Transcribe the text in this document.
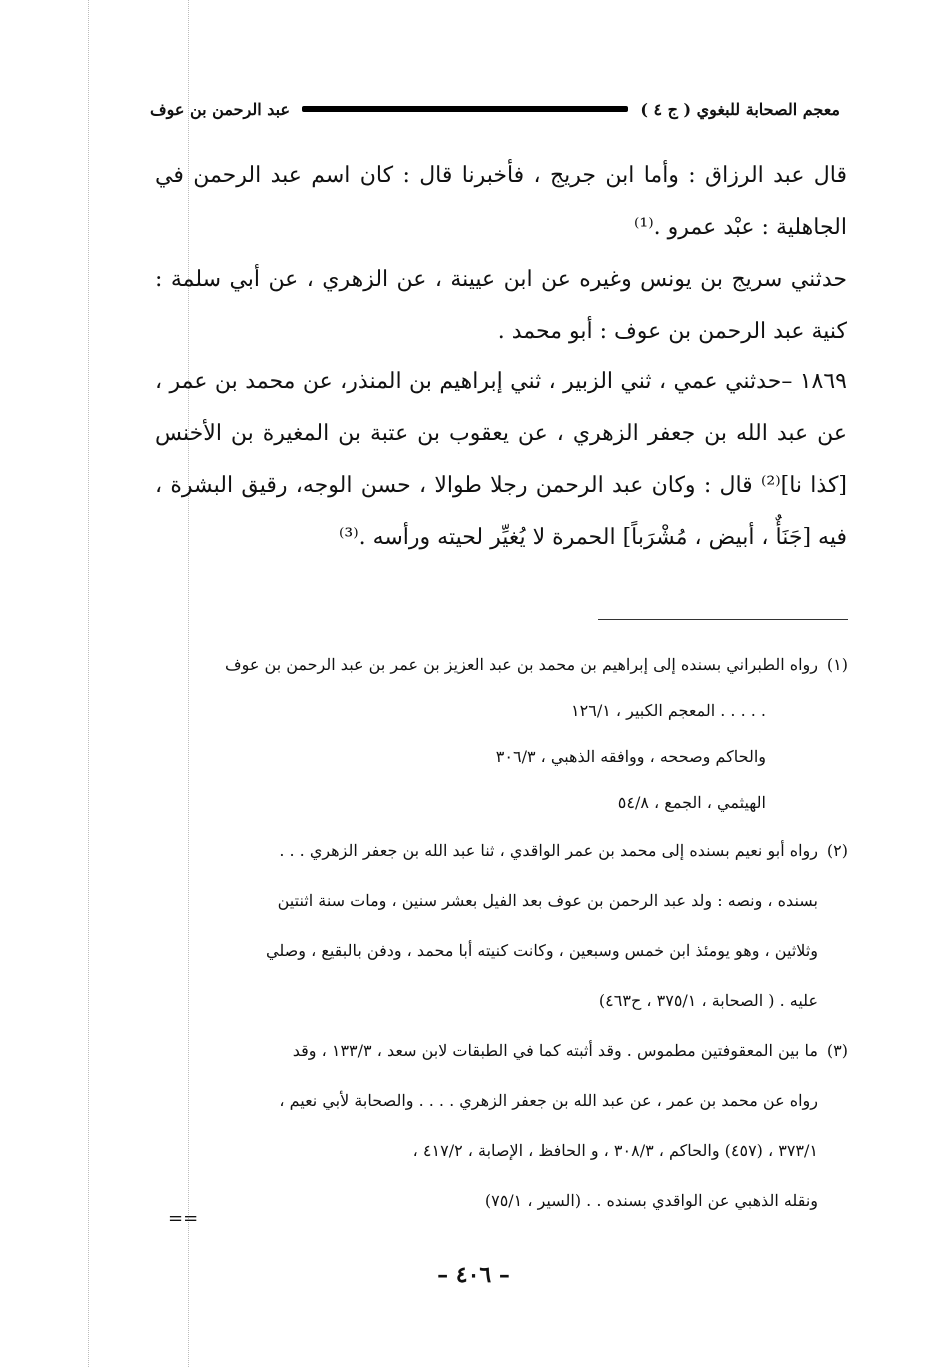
معجم الصحابة للبغوي ( ج ٤ )
عبد الرحمن بن عوف

قال عبد الرزاق : وأما ابن جريج ، فأخبرنا قال : كان اسم عبد الرحمن في الجاهلية : عبْد عمرو .⁽¹⁾

حدثني سريج بن يونس وغيره عن ابن عيينة ، عن الزهري ، عن أبي سلمة : كنية عبد الرحمن بن عوف : أبو محمد .

١٨٦٩ –حدثني عمي ، ثني الزبير ، ثني إبراهيم بن المنذر، عن محمد بن عمر ، عن عبد الله بن جعفر الزهري ، عن يعقوب بن عتبة بن المغيرة بن الأخنس [كذا نا]⁽²⁾ قال : وكان عبد الرحمن رجلا طوالا ، حسن الوجه، رقيق البشرة ، فيه [جَنَأٌ ، أبيض ، مُشْرَباً] الحمرة لا يُغيِّر لحيته ورأسه .⁽³⁾

(١)
رواه الطبراني بسنده إلى إبراهيم بن محمد بن عبد العزيز بن عمر بن عبد الرحمن بن عوف
. . . . . المعجم الكبير ، ١٢٦/١
والحاكم وصححه ، ووافقه الذهبي ، ٣٠٦/٣
الهيثمي ، الجمع ، ٥٤/٨
(٢)
رواه أبو نعيم بسنده إلى محمد بن عمر الواقدي ، ثنا عبد الله بن جعفر الزهري . . .
بسنده ، ونصه : ولد عبد الرحمن بن عوف بعد الفيل بعشر سنين ، ومات سنة اثنتين
وثلاثين ، وهو يومئذ ابن خمس وسبعين ، وكانت كنيته أبا محمد ، ودفن بالبقيع ، وصلي
عليه . ( الصحابة ، ٣٧٥/١ ، ح٤٦٣)
(٣)
ما بين المعقوفتين مطموس . وقد أثبته كما في الطبقات لابن سعد ، ١٣٣/٣ ، وقد
رواه عن محمد بن عمر ، عن عبد الله بن جعفر الزهري . . . . والصحابة لأبي نعيم ،
٣٧٣/١ ، (٤٥٧) والحاكم ، ٣٠٨/٣ ، و الحافظ ، الإصابة ، ٤١٧/٢ ،
ونقله الذهبي عن الواقدي بسنده . . (السير ، ٧٥/١)
==
– ٤٠٦ –
